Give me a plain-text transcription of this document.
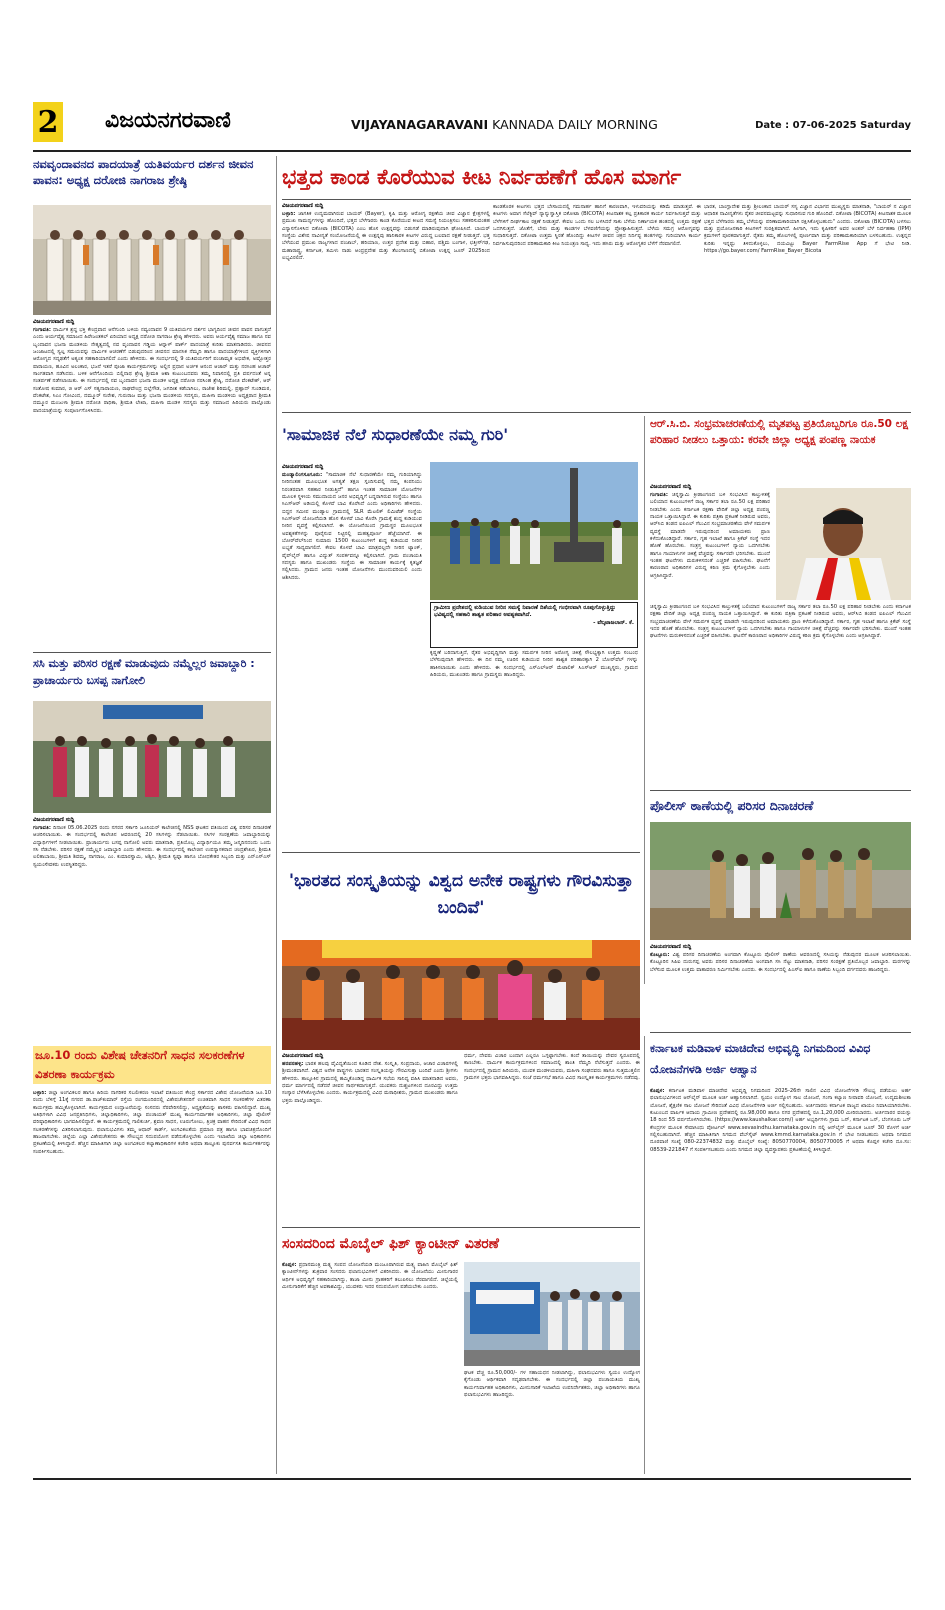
2 ವಿಜಯನಗರವಾಣಿ	VIJAYANAGARAVANI KANNADA DAILY MORNING	Date : 07-06-2025 Saturday
ನವವೃಂದಾವನದ ಪಾದಯಾತ್ರೆ ಯತಿವರ್ಯರ ದರ್ಶನ ಜೀವನ ಪಾವನ: ಅಧ್ಯಕ್ಷ ದರೋಜಿ ನಾಗರಾಜ ಶ್ರೇಷ್ಠಿ
ವಿಜಯನಗರವಾಣಿ ಸುದ್ದಿ
ಗಂಗಾವತಿ: ಧಾರ್ಮಿಕ ಶ್ರದ್ಧ ಭಕ್ತಿ ಕೇಂದ್ರವಾದ ಆನೆಗುಂದಿ ಬಳಿಯ ನವ್ವಂದಾವನ 9 ಯತಿವರ್ಯರ ದರ್ಶನ ಭಾಗ್ಯದಿಂದ ಜೀವನ ಪಾವನ ವಾಗುತ್ತದೆ ಎಂದು ಆರ್ಯವೈಶ್ಯ ಸಮಾಜದ ಹಿರೇಜಂತಕಲ್ ಏರಿಯಾದ ಅಧ್ಯಕ್ಷ ದರೋಜಿ ನಾಗರಾಜ ಶ್ರೇಷ್ಠಿ ಹೇಳಿದರು. ಅವರು ಆರ್ಯವೈಶ್ಯ ಸಮಾಜ ಹಾಗೂ ನವ ಬೃಂದಾವನ ಭಜನಾ ಮಂಡಳಿಯ ನೇತೃತ್ವದಲ್ಲಿ ನವ ವೃಂದಾವನ ಗಡ್ಡಿಯ ಆನ್ನಾಳ್‌ ಪಾರ್ಕ್ ಪಾದಯಾತ್ರೆ ಕುರಿತು ಮಾತನಾಡಿದರು. ಜೀವನದ ಜಂಜಾಟದಲ್ಲಿ ಸ್ವಲ್ಪ ಸಮಯವನ್ನು ಧಾರ್ಮಿಕ ಆಚರಣೆಗೆ ಬಿಡುವುದರಿಂದ ಜೀವನದ ಮಾನಸಿಕ ನೆಮ್ಮದಿ ಹಾಗೂ ಪಾದಯಾತ್ರೆಗಳಿಂದ ವ್ಯಕ್ತಿಗಳಿಗಾಗಿ ಆರೋಗ್ಯದ ಸದೃಢತೆಗೆ ಅತ್ಯಂತ ಸಹಕಾರಿಯಾಗಲಿದೆ ಎಂದು ಹೇಳಿದರು. ಈ ಸಂದರ್ಭದಲ್ಲಿ 9 ಯತಿವರ್ಯರಿಗೆ ಪಂಚಾಮೃತ ಅಭಿಷೇಕ, ಅಷ್ಟೋತ್ತರ ಪಾರಾಯಣ, ಹೂವಿನ ಅಲಂಕಾರ, ಭಜನೆ ಇತರೆ ಪೂಜಾ ಕಾರ್ಯಕ್ರಮಗಳನ್ನು ಅಲ್ಲಿನ ಪ್ರಧಾನ ಅರ್ಚಕ ಆನಂದ ಆಚಾರ್ ಮತ್ತು ನರಸಿಂಹ ಆಚಾರ್ ಸಾಂಗತವಾಗಿ ನಡೆಸಿದರು. ಬಳಿಕ ಆನೆಗೊಂದಿಯ ಬಿಲ್ಲಿನಾಥ ಶ್ರೇಷ್ಠಿ ಶ್ರೀಮತಿ ಆಶಾ ಕುಟುಂಬದವರು ತಮ್ಮ ನಿವಾಸದಲ್ಲಿ ಪ್ರತಿ ವರ್ಷದಂತೆ ಅನ್ನ ಸಂತರ್ಪಣೆ ನಡೆಸಲಾಯಿತು. ಈ ಸಂದರ್ಭದಲ್ಲಿ ನವ ಬೃಂದಾವನ ಭಜನಾ ಮಂಡಳಿ ಅಧ್ಯಕ್ಷ ದರೋಜಿ ನರಸಿಂಹ ಶ್ರೇಷ್ಠಿ, ದರೋಜಿ ವೆಂಕಟೇಶ್, ಆರ್ ಸಂತೋಷ ಕುಮಾರ, ಜಿ ಆರ್ ಎಸ್ ಸತ್ಯನಾರಾಯಣ, ರಾಘವೇಂದ್ರ ಬಿಲ್ಲೆಗೌಡ, ಜಗದೀಶ ಕಡೆಬಾಗಿಲು, ರಾಜೇಶ ಶಿರಿಮಲ್ಲಿ, ಪ್ರಹ್ಲಾದ್ ಗುಂಡಿಮಠ, ವೆಂಕಟೇಶ, ಸಿಎಂ ಗೋವಿಂದ, ದಮ್ಮೂರ್ ಸುರೇಶ, ಗುರುರಾಜ ಮತ್ತು ಭಜನಾ ಮಂಡಳಿಯ ಸದಸ್ಯರು, ಮಹಿಳಾ ಮಂಡಳಿಯ ಅಧ್ಯಕ್ಷರಾದ ಶ್ರೀಮತಿ ದಮ್ಮೂರ ಮಂಜುಳಾ ಶ್ರೀಮತಿ ದರೋಜಿ ರಾಧಿಕಾ, ಶ್ರೀಮತಿ ಲೇಖಾ, ಮಹಿಳಾ ಮಂಡಳಿ ಸದಸ್ಯರು ಮತ್ತು ಸಮಾಜದ ಹಿರಿಯರು ಪಾಲ್ಗೊಂಡು ಪಾದಯಾತ್ರೆಯನ್ನು ಸಂಪೂರ್ಣಗೊಳಿಸಿದರು.
ಸಸಿ ಮತ್ತು ಪರಿಸರ ರಕ್ಷಣೆ ಮಾಡುವುದು ನಮ್ಮೆಲ್ಲರ ಜವಾಬ್ದಾರಿ : ಪ್ರಾಚಾರ್ಯರು ಬಸಪ್ಪ ನಾಗೋಲಿ
ವಿಜಯನಗರವಾಣಿ ಸುದ್ದಿ
ಗಂಗಾವತಿ: ದಿನಾಂಕ 05.06.2025 ರಂದು ನಗರದ ಸರ್ಕಾರಿ ಜೂನಿಯರ್ ಕಾಲೇಜಿನಲ್ಲಿ NSS ಘಟಕದ ವತಿಯಿಂದ ವಿಶ್ವ ಪರಿಸರ ದಿನಾಚರಣೆ ಆಚರಿಸಲಾಯಿತು. ಈ ಸಂದರ್ಭದಲ್ಲಿ ಕಾಲೇಜಿನ ಆವರಣದಲ್ಲಿ 20 ಸಸಿಗಳನ್ನು ನೆಡಲಾಯಿತು. ಸಸಿಗಳ ಸಂರಕ್ಷಣೆಯ ಜವಾಬ್ದಾರಿಯನ್ನು ವಿದ್ಯಾರ್ಥಿಗಳಿಗೆ ನೀಡಲಾಯಿತು. ಪ್ರಾಚಾರ್ಯರು ಬಸಪ್ಪ ನಾಗೋಲಿ ಅವರು ಮಾತನಾಡಿ, ಪ್ರತಿಯೊಬ್ಬ ವಿದ್ಯಾರ್ಥಿಯೂ ತಮ್ಮ ಜನ್ಮದಿನದಂದು ಒಂದು ಸಸಿ ನೆಡಬೇಕು. ಪರಿಸರ ರಕ್ಷಣೆ ನಮ್ಮೆಲ್ಲರ ಜವಾಬ್ದಾರಿ ಎಂದು ಹೇಳಿದರು. ಈ ಸಂದರ್ಭದಲ್ಲಿ ಕಾಲೇಜಿನ ಉಪನ್ಯಾಸಕರಾದ ಚಂದ್ರಶೇಖರ, ಶ್ರೀಮತಿ ಲಲಿತಾಬಾಯಿ, ಶ್ರೀಮತಿ ಶಿವಮ್ಮ, ನಾಗರಾಜ, ಎಂ. ಕುಮಾರಸ್ವಾಮಿ, ಅಶ್ವಿನಿ, ಶ್ರೀಮತಿ ಸ್ವಪ್ನಾ ಹಾಗೂ ಬೋಧಕೇತರ ಸಿಬ್ಬಂದಿ ಮತ್ತು ಎನ್‌ಎಸ್‌ಎಸ್ ಸ್ವಯಂಸೇವಕರು ಉಪಸ್ಥಿತರಿದ್ದರು.
ಜೂ.10 ರಂದು ವಿಶೇಷ ಚೇತನರಿಗೆ ಸಾಧನ ಸಲಕರಣೆಗಳ ವಿತರಣಾ ಕಾರ್ಯಕ್ರಮ
ಬಳ್ಳಾರಿ: ಜಿಲ್ಲಾ ಅಂಗವಿಕಲರ ಹಾಗೂ ಹಿರಿಯ ನಾಗರಿಕರ ಸಬಲೀಕರಣ ಇಲಾಖೆ ವತಿಯಿಂದ ಕೇಂದ್ರ ಸರ್ಕಾರದ ವಿಶೇಷ ಯೋಜನೆಯಡಿ ಜೂ.10 ರಂದು ಬೆಳಿಗ್ಗೆ 11ಕ್ಕೆ ನಗರದ ಡಾ.ರಾಜ್‌ಕುಮಾರ್ ರಸ್ತೆಯ ರಂಗಮಂದಿರದಲ್ಲಿ ವಿಶೇಷಚೇತನರಿಗೆ ಉಚಿತವಾಗಿ ಸಾಧನ ಸಲಕರಣೆಗಳ ವಿತರಣಾ ಕಾರ್ಯಕ್ರಮ ಹಮ್ಮಿಕೊಳ್ಳಲಾಗಿದೆ. ಕಾರ್ಯಕ್ರಮದ ಉದ್ಘಾಟನೆಯನ್ನು ಸಂಸದರು ನೆರವೇರಿಸಲಿದ್ದು, ಅಧ್ಯಕ್ಷತೆಯನ್ನು ಶಾಸಕರು ವಹಿಸಲಿದ್ದಾರೆ. ಮುಖ್ಯ ಅತಿಥಿಗಳಾಗಿ ವಿವಿಧ ಜನಪ್ರತಿನಿಧಿಗಳು, ಜಿಲ್ಲಾಧಿಕಾರಿಗಳು, ಜಿಲ್ಲಾ ಪಂಚಾಯತ್ ಮುಖ್ಯ ಕಾರ್ಯನಿರ್ವಾಹಕ ಅಧಿಕಾರಿಗಳು, ಜಿಲ್ಲಾ ಪೊಲೀಸ್ ವರಿಷ್ಠಾಧಿಕಾರಿಗಳು ಭಾಗವಹಿಸಲಿದ್ದಾರೆ. ಈ ಕಾರ್ಯಕ್ರಮದಲ್ಲಿ ಗಾಲಿಕುರ್ಚಿ, ಶ್ರವಣ ಸಾಧನ, ಊರುಗೋಲು, ತ್ರಿಚಕ್ರ ವಾಹನ ಸೇರಿದಂತೆ ವಿವಿಧ ಸಾಧನ ಸಲಕರಣೆಗಳನ್ನು ವಿತರಿಸಲಾಗುವುದು. ಫಲಾನುಭವಿಗಳು ತಮ್ಮ ಆಧಾರ್ ಕಾರ್ಡ್, ಅಂಗವಿಕಲತೆಯ ಪ್ರಮಾಣ ಪತ್ರ ಹಾಗೂ ಭಾವಚಿತ್ರದೊಂದಿಗೆ ಹಾಜರಾಗಬೇಕು. ಜಿಲ್ಲೆಯ ಎಲ್ಲಾ ವಿಶೇಷಚೇತನರು ಈ ಸೌಲಭ್ಯದ ಸದುಪಯೋಗ ಪಡೆದುಕೊಳ್ಳಬೇಕು ಎಂದು ಇಲಾಖೆಯ ಜಿಲ್ಲಾ ಅಧಿಕಾರಿಗಳು ಪ್ರಕಟಣೆಯಲ್ಲಿ ತಿಳಿಸಿದ್ದಾರೆ. ಹೆಚ್ಚಿನ ಮಾಹಿತಿಗಾಗಿ ಜಿಲ್ಲಾ ಅಂಗವಿಕಲರ ಕಲ್ಯಾಣಾಧಿಕಾರಿಗಳ ಕಚೇರಿ ಅಥವಾ ತಾಲ್ಲೂಕು ಪುನರ್ವಸತಿ ಕಾರ್ಯಕರ್ತರನ್ನು ಸಂಪರ್ಕಿಸಬಹುದು.
ಭತ್ತದ ಕಾಂಡ ಕೊರೆಯುವ ಕೀಟ ನಿರ್ವಹಣೆಗೆ ಹೊಸ ಮಾರ್ಗ
ವಿಜಯನಗರವಾಣಿ ಸುದ್ದಿ
ಬಳ್ಳಾರಿ: ಜಾಗತಿಕ ಉದ್ಯಮವಾಗಿರುವ ಬಾಯರ್ (Bayer), ಕೃಷಿ ಮತ್ತು ಆರೋಗ್ಯ ರಕ್ಷಣೆಯ ಜೀವ ವಿಜ್ಞಾನ ಕ್ಷೇತ್ರಗಳಲ್ಲಿ ಪ್ರಮುಖ ಸಾಮರ್ಥ್ಯಗಳನ್ನು ಹೊಂದಿದೆ, ಭತ್ತದ ಬೆಳೆಗಾರರು ಕಾಂಡ ಕೊರೆಯುವ ಕೀಟದ ಸಮಸ್ಯೆ ನಿಯಂತ್ರಿಸಲು ಸಹಕರಿಸುವಂತಹ ವಿನ್ಯಾಸಗೊಳಿಸಿದ ಬಿಕೋಟಾ (BICOTA) ಎಂಬ ಹೊಸ ಉತ್ಪನ್ನವನ್ನು ಬಿಡುಗಡೆ ಮಾಡಿರುವುದಾಗಿ ಘೋಷಿಸಿದೆ. ಬಾಯರ್ ಸಂಸ್ಥೆಯ ವಿಶೇಷ ನಾವೀನ್ಯತೆ ಸಂಯೋಜನೆಯಲ್ಲಿ ಈ ಉತ್ಪನ್ನವು ಹಾನಿಕಾರಕ ಕೀಟಗಳ ವಿರುದ್ಧ ಬಲವಾದ ರಕ್ಷಣೆ ನೀಡುತ್ತದೆ. ಭತ್ತ ಬೆಳೆಯುವ ಪ್ರಮುಖ ರಾಜ್ಯಗಳಾದ ಪಂಜಾಬ್, ಹರಿಯಾಣ, ಉತ್ತರ ಪ್ರದೇಶ ಮತ್ತು ಬಿಹಾರ, ಪಶ್ಚಿಮ ಬಂಗಾಳ, ಛತ್ತೀಸ್‌ಗಢ, ಮಹಾರಾಷ್ಟ್ರ, ಕರ್ನಾಟಕ, ತಮಿಳು ನಾಡು ಆಂಧ್ರಪ್ರದೇಶ ಮತ್ತು ತೆಲಂಗಾಣದಲ್ಲಿ ಬಿಕೋಟಾ ಉತ್ಪನ್ನ ಜೂನ್ 2025ರಿಂದ ಲಭ್ಯವಿರಲಿದೆ.
ಕಾಂಡಕೊರಕ ಕೀಟಗಳು ಭತ್ತದ ಬೇಸಾಯದಲ್ಲಿ ಗಮನಾರ್ಹ ಹಾನಿಗೆ ಕಾರಣವಾಗಿ, ಇಳುವರಿಯನ್ನು ಕಡಿಮೆ ಮಾಡುತ್ತವೆ. ಈ ಕೀಟಗಳು ಅವಾಗ ಸೆಲೆಕ್ಟಿವ್ ನ್ಯಾನ್ಯುಸ್ವಾಸ್ತಿಕ ಬಿಕೋಟಾ (BICOTA) ಕೀಟನಾಶಕ ಕಲ್ಪ ಪ್ರತಿಕಾರಕ ಕಾರ್ಯ ನಿರ್ವಹಿಸುತ್ತವೆ ಮತ್ತು ಬೆಳೆಗಳಿಗೆ ದೀರ್ಘಕಾಲ ರಕ್ಷಣೆ ನೀಡುತ್ತವೆ. ಕೇವಲ ಒಂದು ಸಲ ಬಳಸಿದರೆ ಸಾಕು ಬೆಳೆಯ ನಿರ್ಣಾಯಕ ಹಂತದಲ್ಲಿ ಉತ್ತಮ ರಕ್ಷಣೆ ಒದಗಿಸುತ್ತದೆ. ಜೊತೆಗೆ, ಬೇರು ಮತ್ತು ಕಾಂಡಗಳ ಬೆಳವಣಿಗೆಯನ್ನು ಪ್ರೋತ್ಸಾಹಿಸುತ್ತದೆ. ಬೆಳೆಯ ಸಮಗ್ರ ಆರೋಗ್ಯವನ್ನು ಸುಧಾರಿಸುತ್ತದೆ. ಬಿಕೋಟಾ ಉತ್ತಮ ಸ್ಥಿರತೆ ಹೊಂದಿದ್ದು ಕೀಟಗಳ ಜೀವನ ಚಕ್ರದ ನಿರ್ದಿಷ್ಟ ಹಂತಗಳನ್ನು ಗುರಿಯಾಗಿಸಿ ಕಾರ್ಯ ನಿರ್ವಹಿಸುವುದರಿಂದ ಪರಿಣಾಮಕಾರಿ ಕೀಟ ನಿಯಂತ್ರಣ ಸಾಧ್ಯ. ಇದು ಹಸಿರು ಮತ್ತು ಆರೋಗ್ಯಕರ ಬೆಳೆಗೆ ನೆರವಾಗಲಿದೆ.
ಭಾರತ, ಬಾಂಗ್ಲಾದೇಶ ಮತ್ತು ಶ್ರೀಲಂಕಾದ ಬಾಯರ್ ಸಸ್ಯ ವಿಜ್ಞಾನ ವಿಭಾಗದ ಮುಖ್ಯಸ್ಥರು ಮಾತನಾಡಿ, "ಬಾಯರ್ ನ ವಿಜ್ಞಾನ ಆಧಾರಿತ ನಾವೀನ್ಯತೆಗಳು ರೈತರ ಜೀವನಮಟ್ಟವನ್ನು ಸುಧಾರಿಸುವ ಗುರಿ ಹೊಂದಿವೆ. ಬಿಕೋಟಾ (BICOTA) ಕೀಟನಾಶಕ ಮೂಲಕ ಭತ್ತದ ಬೆಳೆಗಾರರು ತಮ್ಮ ಬೆಳೆಯನ್ನು ಪರಿಣಾಮಕಾರಿಯಾಗಿ ರಕ್ಷಿಸಿಕೊಳ್ಳಬಹುದು" ಎಂದರು. ಬಿಕೋಟಾ (BICOTA) ಬಳಸಲು ಮತ್ತು ಪ್ರಯೋಜನಕಾರಿ ಕೀಟಗಳಿಗೆ ಸುರಕ್ಷಿತವಾಗಿದೆ. ಹೀಗಾಗಿ, ಇದು ಕೃಷಿಕರಿಗೆ ಅವರ ಅಂತರ್ ಬೆಳೆ ನಿರ್ವಹಣಾ (IPM) ಕ್ರಮಗಳಿಗೆ ಪೂರಕವಾಗುತ್ತದೆ. ರೈತರು ತಮ್ಮ ಹೊಲಗಳಲ್ಲಿ ಪೂರ್ಣವಾಗಿ ಮತ್ತು ಪರಿಣಾಮಕಾರಿಯಾಗಿ ಬಳಸಬಹುದು. ಉತ್ಪನ್ನದ ಕುರಿತು ಇನ್ನಷ್ಟು ತಿಳಿದುಕೊಳ್ಳಲು, ದಯವಿಟ್ಟು Bayer FarmRise App ಗೆ ಭೇಟಿ ನೀಡಿ. https://go.bayer.com/ FarmRise_Bayer_Bicota
'ಸಾಮಾಜಿಕ ನೆಲೆ ಸುಧಾರಣೆಯೇ ನಮ್ಮ ಗುರಿ'
ವಿಜಯನಗರವಾಣಿ ಸುದ್ದಿ
ಮಂಡ್ಯಾಲಿಂಗಸೂಗೂರು: "ಸಾಮಾಜಿಕ ನೆಲೆ ಸುಧಾರಣೆಯೇ ನಮ್ಮ ಗುರಿಯಾಗಿದ್ದು ನೀರಿನಂತಹ ಮೂಲಭೂತ ಅಗತ್ಯತೆ ತಕ್ಷಣ ಸ್ಪಂದಿಸುವಲ್ಲಿ ನಮ್ಮ ಕಂಪನಿಯು ನಿರಂತರವಾಗಿ ಸಹಕಾರ ನೀಡುತ್ತಿದೆ" ಹಾಗೂ ಇಂತಹ ಸಾಮಾಜಿಕ ಯೋಜನೆಗಳ ಮೂಲಕ ಸ್ಥಳೀಯ ಸಮುದಾಯದ ಜನರ ಅಭಿವೃದ್ಧಿಗೆ ಬದ್ಧರಾಗಿರುವ ಸಂಸ್ಥೆಯು ಹಾಗೂ ಸಿಎಸ್‌ಆರ್ ಅಡಿಯಲ್ಲಿ ಕೊಳವೆ ಬಾವಿ ಕೊರೆಸಿದೆ ಎಂದು ಅಧಿಕಾರಿಗಳು ಹೇಳಿದರು. ಬಿದ್ದನ ಸಮೀಪ ಮಂಡ್ಯಾಲ ಗ್ರಾಮದಲ್ಲಿ SLR ಮೆಟಲಿಕ್ ಲಿಮಿಟೆಡ್ ಸಂಸ್ಥೆಯ ಸಿಎಸ್‌ಆರ್ ಯೋಜನೆಯಡಿ ಹೊಸ ಕೊಳವೆ ಬಾವಿ ಕೊರೆಸಿ ಗ್ರಾಮಕ್ಕೆ ಶುದ್ಧ ಕುಡಿಯುವ ನೀರಿನ ವ್ಯವಸ್ಥೆ ಕಲ್ಪಿಸಲಾಗಿದೆ. ಈ ಯೋಜನೆಯಿಂದ ಗ್ರಾಮಸ್ಥರ ಮೂಲಭೂತ ಅವಶ್ಯಕತೆಗಳನ್ನು ಪೂರೈಸುವ ನಿಟ್ಟಿನಲ್ಲಿ ಮಹತ್ವಪೂರ್ಣ ಹೆಜ್ಜೆಯಾಗಿದೆ. ಈ ಬೋರ್‌ವೆಲ್‌ನಿಂದ ಸುಮಾರು 1500 ಕುಟುಂಬಗಳಿಗೆ ಶುದ್ಧ ಕುಡಿಯುವ ನೀರಿನ ಲಭ್ಯತೆ ಸಾಧ್ಯವಾಗಲಿದೆ. ಕೇವಲ ಕೊಳವೆ ಬಾವಿ ಮಾತ್ರವಲ್ಲದೇ ನೀರಿನ ಟ್ಯಾಂಕ್, ಪೈಪ್‌ಲೈನ್ ಹಾಗೂ ವಿದ್ಯುತ್ ಸಂಪರ್ಕವನ್ನೂ ಕಲ್ಪಿಸಲಾಗಿದೆ. ಗ್ರಾಮ ಪಂಚಾಯತಿ ಸದಸ್ಯರು ಹಾಗೂ ಮುಖಂಡರು ಸಂಸ್ಥೆಯ ಈ ಸಾಮಾಜಿಕ ಕಾರ್ಯಕ್ಕೆ ಕೃತಜ್ಞತೆ ಸಲ್ಲಿಸಿದರು. ಗ್ರಾಮದ ಜನರು ಇಂತಹ ಯೋಜನೆಗಳು ಮುಂದುವರಿಯಲಿ ಎಂದು ಆಶಿಸಿದರು.
ಗ್ರಾಮೀಣ ಪ್ರದೇಶದಲ್ಲಿ ಕುಡಿಯುವ ನೀರಿನ ಸಮಸ್ಯೆ ನಿವಾರಣೆ ದಿಶೆಯಲ್ಲಿ ಗಂಭೀರವಾಗಿ ರೂಪುಗೊಳ್ಳುತ್ತಿದ್ದು ಭವಿಷ್ಯದಲ್ಲಿ ಸಹಕಾರಿ ಶಾಶ್ವತ ಪರಿಹಾರ ಅವಶ್ಯಕವಾಗಿದೆ.
- ವೆಲ್ಕಟಾಜಲಾನ್. ಕೆ.
ಕೃಷ್ಣಣೆ ಬರಿದಾಗುತ್ತಿದೆ, ರೈತರ ಅಭಿವೃದ್ಧಿಗಾಗಿ ಮತ್ತು ಸಮರ್ಪಕ ನೀರಿನ ಅರೋಗ್ಯ ಚಿಕಿತ್ಸೆ ಸೌಲಭ್ಯಕ್ಕಾಗಿ ಉತ್ತಮ ಸಂಬಂಧ ಬೆಳೆಸುವುದಾಗಿ ಹೇಳಿದರು. ಈ ದಿನ ನಮ್ಮ ಊರಿನ ಕುಡಿಯುವ ನೀರಿನ ಶಾಶ್ವತ ಪರಿಹಾರಕ್ಕಾಗಿ 2 ಬೋರ್‌ವೆಲ್ ಗಳನ್ನು ಹಾಕಿಸಲಾಯಿತು ಎಂದು ಹೇಳಿದರು. ಈ ಸಂದರ್ಭದಲ್ಲಿ ಎಸ್‌ಎಲ್‌ಆರ್ ಮೆಟಾಲಿಕ್ ಸಿಎಸ್‌ಆರ್ ಮುಖ್ಯಸ್ಥರು, ಗ್ರಾಮದ ಹಿರಿಯರು, ಮುಖಂಡರು ಹಾಗೂ ಗ್ರಾಮಸ್ಥರು ಹಾಜರಿದ್ದರು.
ಆರ್.ಸಿ.ಬಿ. ಸಂಭ್ರಮಾಚರಣೆಯಲ್ಲಿ ಮೃತಪಟ್ಟ ಪ್ರತಿಯೊಬ್ಬರಿಗೂ ರೂ.50 ಲಕ್ಷ ಪರಿಹಾರ ನೀಡಲು ಒತ್ತಾಯ: ಕರವೇ ಜಿಲ್ಲಾ ಅಧ್ಯಕ್ಷ ಪಂಪಣ್ಣ ನಾಯಕ
ವಿಜಯನಗರವಾಣಿ ಸುದ್ದಿ
ಗಂಗಾವತಿ: ಚಿನ್ನಸ್ವಾಮಿ ಕ್ರೀಡಾಂಗಣದ ಬಳಿ ಸಂಭವಿಸಿದ ಕಾಲ್ತುಳಿತಕ್ಕೆ ಬಲಿಯಾದ ಕುಟುಂಬಗಳಿಗೆ ರಾಜ್ಯ ಸರ್ಕಾರ ತಲಾ ರೂ.50 ಲಕ್ಷ ಪರಿಹಾರ ನೀಡಬೇಕು ಎಂದು ಕರ್ನಾಟಕ ರಕ್ಷಣಾ ವೇದಿಕೆ ಜಿಲ್ಲಾ ಅಧ್ಯಕ್ಷ ಪಂಪಣ್ಣ ನಾಯಕ ಒತ್ತಾಯಿಸಿದ್ದಾರೆ. ಈ ಕುರಿತು ಪತ್ರಿಕಾ ಪ್ರಕಟಣೆ ನೀಡಿರುವ ಅವರು, ಆರ್‌ಸಿಬಿ ತಂಡದ ಐಪಿಎಲ್ ಗೆಲುವಿನ ಸಂಭ್ರಮಾಚರಣೆಯ ವೇಳೆ ಸಮರ್ಪಕ ವ್ಯವಸ್ಥೆ ಮಾಡದೇ ಇರುವುದರಿಂದ ಅಮಾಯಕರು ಪ್ರಾಣ ಕಳೆದುಕೊಂಡಿದ್ದಾರೆ. ಸರ್ಕಾರ, ಗೃಹ ಇಲಾಖೆ ಹಾಗೂ ಕ್ರಿಕೆಟ್ ಸಂಸ್ಥೆ ಇದರ ಹೊಣೆ ಹೊರಬೇಕು. ಸಂತ್ರಸ್ತ ಕುಟುಂಬಗಳಿಗೆ ನ್ಯಾಯ ಒದಗಿಸಬೇಕು ಹಾಗೂ ಗಾಯಾಳುಗಳ ಚಿಕಿತ್ಸೆ ವೆಚ್ಚವನ್ನು ಸರ್ಕಾರವೇ ಭರಿಸಬೇಕು. ಮುಂದೆ ಇಂತಹ ಘಟನೆಗಳು ಮರುಕಳಿಸದಂತೆ ಎಚ್ಚರಿಕೆ ವಹಿಸಬೇಕು. ಘಟನೆಗೆ ಕಾರಣರಾದ ಅಧಿಕಾರಿಗಳ ವಿರುದ್ಧ ಕಠಿಣ ಕ್ರಮ ಕೈಗೊಳ್ಳಬೇಕು ಎಂದು ಆಗ್ರಹಿಸಿದ್ದಾರೆ.
ಚಿನ್ನಸ್ವಾಮಿ ಕ್ರೀಡಾಂಗಣದ ಬಳಿ ಸಂಭವಿಸಿದ ಕಾಲ್ತುಳಿತಕ್ಕೆ ಬಲಿಯಾದ ಕುಟುಂಬಗಳಿಗೆ ರಾಜ್ಯ ಸರ್ಕಾರ ತಲಾ ರೂ.50 ಲಕ್ಷ ಪರಿಹಾರ ನೀಡಬೇಕು ಎಂದು ಕರ್ನಾಟಕ ರಕ್ಷಣಾ ವೇದಿಕೆ ಜಿಲ್ಲಾ ಅಧ್ಯಕ್ಷ ಪಂಪಣ್ಣ ನಾಯಕ ಒತ್ತಾಯಿಸಿದ್ದಾರೆ. ಈ ಕುರಿತು ಪತ್ರಿಕಾ ಪ್ರಕಟಣೆ ನೀಡಿರುವ ಅವರು, ಆರ್‌ಸಿಬಿ ತಂಡದ ಐಪಿಎಲ್ ಗೆಲುವಿನ ಸಂಭ್ರಮಾಚರಣೆಯ ವೇಳೆ ಸಮರ್ಪಕ ವ್ಯವಸ್ಥೆ ಮಾಡದೇ ಇರುವುದರಿಂದ ಅಮಾಯಕರು ಪ್ರಾಣ ಕಳೆದುಕೊಂಡಿದ್ದಾರೆ. ಸರ್ಕಾರ, ಗೃಹ ಇಲಾಖೆ ಹಾಗೂ ಕ್ರಿಕೆಟ್ ಸಂಸ್ಥೆ ಇದರ ಹೊಣೆ ಹೊರಬೇಕು. ಸಂತ್ರಸ್ತ ಕುಟುಂಬಗಳಿಗೆ ನ್ಯಾಯ ಒದಗಿಸಬೇಕು ಹಾಗೂ ಗಾಯಾಳುಗಳ ಚಿಕಿತ್ಸೆ ವೆಚ್ಚವನ್ನು ಸರ್ಕಾರವೇ ಭರಿಸಬೇಕು. ಮುಂದೆ ಇಂತಹ ಘಟನೆಗಳು ಮರುಕಳಿಸದಂತೆ ಎಚ್ಚರಿಕೆ ವಹಿಸಬೇಕು. ಘಟನೆಗೆ ಕಾರಣರಾದ ಅಧಿಕಾರಿಗಳ ವಿರುದ್ಧ ಕಠಿಣ ಕ್ರಮ ಕೈಗೊಳ್ಳಬೇಕು ಎಂದು ಆಗ್ರಹಿಸಿದ್ದಾರೆ.
ಪೊಲೀಸ್ ಠಾಣೆಯಲ್ಲಿ ಪರಿಸರ ದಿನಾಚರಣೆ
ವಿಜಯನಗರವಾಣಿ ಸುದ್ದಿ
ಕೊಟ್ಟೂರು: ವಿಶ್ವ ಪರಿಸರ ದಿನಾಚರಣೆಯ ಅಂಗವಾಗಿ ಕೊಟ್ಟೂರು ಪೊಲೀಸ್ ಠಾಣೆಯ ಆವರಣದಲ್ಲಿ ಸಸಿಯನ್ನು ನೆಡುವುದರ ಮೂಲಕ ಆಚರಿಸಲಾಯಿತು. ಕೊಟ್ಟೂರಿನ ಸಿಪಿಐ ದುರುಗಪ್ಪ ಅವರು ಪರಿಸರ ದಿನಾಚರಣೆಯ ಅಂಗವಾಗಿ ಸಸಿ ನೆಟ್ಟು ಮಾತನಾಡಿ, ಪರಿಸರ ಸಂರಕ್ಷಣೆ ಪ್ರತಿಯೊಬ್ಬರ ಜವಾಬ್ದಾರಿ. ಮರಗಳನ್ನು ಬೆಳೆಸುವ ಮೂಲಕ ಉತ್ತಮ ವಾತಾವರಣ ನಿರ್ಮಿಸಬೇಕು ಎಂದರು. ಈ ಸಂದರ್ಭದಲ್ಲಿ ಪಿಎಸ್‌ಐ ಹಾಗೂ ಠಾಣೆಯ ಸಿಬ್ಬಂದಿ ವರ್ಗದವರು ಹಾಜರಿದ್ದರು.
'ಭಾರತದ ಸಂಸ್ಕೃತಿಯನ್ನು ವಿಶ್ವದ ಅನೇಕ ರಾಷ್ಟ್ರಗಳು ಗೌರವಿಸುತ್ತಾ ಬಂದಿವೆ'
ವಿಜಯನಗರವಾಣಿ ಸುದ್ದಿ
ಹರಪನಹಳ್ಳಿ: ಭಾರತ ಹಲವು ವೈವಿಧ್ಯತೆಯಿಂದ ಕೂಡಿದ ದೇಶ. ಸಂಸ್ಕೃತಿ, ಸಂಪ್ರದಾಯ, ಆಚಾರ ವಿಚಾರಗಳಲ್ಲಿ ಶ್ರೀಮಂತವಾಗಿದೆ. ವಿಶ್ವದ ಅನೇಕ ರಾಷ್ಟ್ರಗಳು ಭಾರತದ ಸಂಸ್ಕೃತಿಯನ್ನು ಗೌರವಿಸುತ್ತಾ ಬಂದಿವೆ ಎಂದು ಶ್ರೀಗಳು ಹೇಳಿದರು. ತಾಲ್ಲೂಕಿನ ಗ್ರಾಮದಲ್ಲಿ ಹಮ್ಮಿಕೊಂಡಿದ್ದ ಧಾರ್ಮಿಕ ಸಭೆಯ ಸಾನಿಧ್ಯ ವಹಿಸಿ ಮಾತನಾಡಿದ ಅವರು, ಧರ್ಮ ಮಾರ್ಗದಲ್ಲಿ ನಡೆದರೆ ಜೀವನ ಸಾರ್ಥಕವಾಗುತ್ತದೆ. ಯುವಕರು ದುಶ್ಚಟಗಳಿಂದ ದೂರವಿದ್ದು ಉತ್ತಮ ಸಂಸ್ಕಾರ ಬೆಳೆಸಿಕೊಳ್ಳಬೇಕು ಎಂದರು. ಕಾರ್ಯಕ್ರಮದಲ್ಲಿ ವಿವಿಧ ಮಠಾಧೀಶರು, ಗ್ರಾಮದ ಮುಖಂಡರು ಹಾಗೂ ಭಕ್ತರು ಪಾಲ್ಗೊಂಡಿದ್ದರು.
ಧರ್ಮ, ದೇವರು ವಿಚಾರ ಬಂದಾಗ ಎಲ್ಲರೂ ಒಗ್ಗಟ್ಟಾಗಬೇಕು. ತಂದೆ ತಾಯಿಯನ್ನು ದೇವರ ಸ್ವರೂಪದಲ್ಲಿ ಕಾಣಬೇಕು. ಧಾರ್ಮಿಕ ಕಾರ್ಯಕ್ರಮಗಳಿಂದ ಸಮಾಜದಲ್ಲಿ ಶಾಂತಿ ನೆಮ್ಮದಿ ನೆಲೆಸುತ್ತದೆ ಎಂದರು. ಈ ಸಂದರ್ಭದಲ್ಲಿ ಗ್ರಾಮದ ಹಿರಿಯರು, ಯುವಕ ಮಂಡಳಿಯವರು, ಮಹಿಳಾ ಸಂಘದವರು ಹಾಗೂ ಸುತ್ತಮುತ್ತಲಿನ ಗ್ರಾಮಗಳ ಭಕ್ತರು ಭಾಗವಹಿಸಿದ್ದರು. ಸಂಜೆ ಧರ್ಮಸಭೆ ಹಾಗೂ ವಿವಿಧ ಸಾಂಸ್ಕೃತಿಕ ಕಾರ್ಯಕ್ರಮಗಳು ನಡೆದವು.
ಸಂಸದರಿಂದ ಮೊಬೈಲ್ ಫಿಶ್ ಕ್ಯಾಂಟೀನ್ ವಿತರಣೆ
ಕೊಪ್ಪಳ: ಪ್ರಧಾನಮಂತ್ರಿ ಮತ್ಸ್ಯ ಸಂಪದ ಯೋಜನೆಯಡಿ ಮಂಜೂರಾಗಿರುವ ಮತ್ಸ್ಯ ವಾಹಿನಿ ಮೊಬೈಲ್ ಫಿಶ್ ಕ್ಯಾಂಟೀನ್‌ಗಳನ್ನು ಶುಕ್ರವಾರ ಸಂಸದರು ಫಲಾನುಭವಿಗಳಿಗೆ ವಿತರಿಸಿದರು. ಈ ಯೋಜನೆಯು ಮೀನುಗಾರರ ಆರ್ಥಿಕ ಅಭಿವೃದ್ಧಿಗೆ ಸಹಕಾರಿಯಾಗಿದ್ದು, ತಾಜಾ ಮೀನು ಗ್ರಾಹಕರಿಗೆ ತಲುಪಿಸಲು ನೆರವಾಗಲಿದೆ. ಜಿಲ್ಲೆಯಲ್ಲಿ ಮೀನುಗಾರಿಕೆಗೆ ಹೆಚ್ಚಿನ ಅವಕಾಶವಿದ್ದು, ಯುವಕರು ಇದರ ಸದುಪಯೋಗ ಪಡೆಯಬೇಕು ಎಂದರು.
ಘಟಕ ವೆಚ್ಚ ರೂ.50,000/- ಗಳ ಸಹಾಯಧನ ನೀಡಲಾಗಿದ್ದು, ಫಲಾನುಭವಿಗಳು ಸ್ವಯಂ ಉದ್ಯೋಗ ಕೈಗೊಂಡು ಆರ್ಥಿಕವಾಗಿ ಸದೃಢರಾಗಬೇಕು. ಈ ಸಂದರ್ಭದಲ್ಲಿ ಜಿಲ್ಲಾ ಪಂಚಾಯತಿಯ ಮುಖ್ಯ ಕಾರ್ಯನಿರ್ವಾಹಕ ಅಧಿಕಾರಿಗಳು, ಮೀನುಗಾರಿಕೆ ಇಲಾಖೆಯ ಉಪನಿರ್ದೇಶಕರು, ಜಿಲ್ಲಾ ಅಧಿಕಾರಿಗಳು ಹಾಗೂ ಫಲಾನುಭವಿಗಳು ಹಾಜರಿದ್ದರು.
ಕರ್ನಾಟಕ ಮಡಿವಾಳ ಮಾಚಿದೇವ ಅಭಿವೃದ್ಧಿ ನಿಗಮದಿಂದ ವಿವಿಧ ಯೋಜನೆಗಳಡಿ ಅರ್ಜಿ ಆಹ್ವಾನ
ಕೊಪ್ಪಳ: ಕರ್ನಾಟಕ ಮಡಿವಾಳ ಮಾಚಿದೇವ ಅಭಿವೃದ್ಧಿ ನಿಗಮದಿಂದ 2025-26ನೇ ಸಾಲಿನ ವಿವಿಧ ಯೋಜನೆಗಳಡಿ ಸೌಲಭ್ಯ ಪಡೆಯಲು ಅರ್ಹ ಫಲಾನುಭವಿಗಳಿಂದ ಆನ್‌ಲೈನ್ ಮೂಲಕ ಅರ್ಜಿ ಆಹ್ವಾನಿಸಲಾಗಿದೆ. ಸ್ವಯಂ ಉದ್ಯೋಗ ಸಾಲ ಯೋಜನೆ, ಗಂಗಾ ಕಲ್ಯಾಣ ನೀರಾವರಿ ಯೋಜನೆ, ಉದ್ಯಮಶೀಲತಾ ಯೋಜನೆ, ಶೈಕ್ಷಣಿಕ ಸಾಲ ಯೋಜನೆ ಸೇರಿದಂತೆ ವಿವಿಧ ಯೋಜನೆಗಳಡಿ ಅರ್ಜಿ ಸಲ್ಲಿಸಬಹುದು. ಅರ್ಜಿದಾರರು ಕರ್ನಾಟಕ ರಾಜ್ಯದ ಖಾಯಂ ನಿವಾಸಿಯಾಗಿರಬೇಕು. ಕುಟುಂಬದ ವಾರ್ಷಿಕ ಆದಾಯ ಗ್ರಾಮೀಣ ಪ್ರದೇಶದಲ್ಲಿ ರೂ.98,000 ಹಾಗೂ ನಗರ ಪ್ರದೇಶದಲ್ಲಿ ರೂ.1,20,000 ಮೀರಿರಬಾರದು. ಅರ್ಜಿದಾರರ ವಯಸ್ಸು 18 ರಿಂದ 55 ವರ್ಷದೊಳಗಿರಬೇಕು. (https://www.kaushalkar.com/) ಅರ್ಹ ಅಭ್ಯರ್ಥಿಗಳು ಗ್ರಾಮ ಒನ್, ಕರ್ನಾಟಕ ಒನ್, ಬೆಂಗಳೂರು ಒನ್ ಕೇಂದ್ರಗಳ ಮೂಲಕ ಸೇವಾಸಿಂಧು ಪೋರ್ಟಲ್ www.sevasindhu.karnataka.gov.in ನಲ್ಲಿ ಆನ್‌ಲೈನ್ ಮೂಲಕ ಜೂನ್ 30 ರೊಳಗೆ ಅರ್ಜಿ ಸಲ್ಲಿಸಬಹುದಾಗಿದೆ. ಹೆಚ್ಚಿನ ಮಾಹಿತಿಗಾಗಿ ನಿಗಮದ ವೆಬ್‌ಸೈಟ್ www.kmmd.karnataka.gov.in ಗೆ ಭೇಟಿ ನೀಡಬಹುದು ಅಥವಾ ನಿಗಮದ ದೂರವಾಣಿ ಸಂಖ್ಯೆ 080-22374832 ಮತ್ತು ಮೊಬೈಲ್ ಸಂಖ್ಯೆ: 8050770004, 8050770005 ಗೆ ಅಥವಾ ಕೊಪ್ಪಳ ಕಚೇರಿ ದೂ.ಸಂ: 08539-221847 ಗೆ ಸಂಪರ್ಕಿಸಬಹುದು ಎಂದು ನಿಗಮದ ಜಿಲ್ಲಾ ವ್ಯವಸ್ಥಾಪಕರು ಪ್ರಕಟಣೆಯಲ್ಲಿ ತಿಳಿಸಿದ್ದಾರೆ.
